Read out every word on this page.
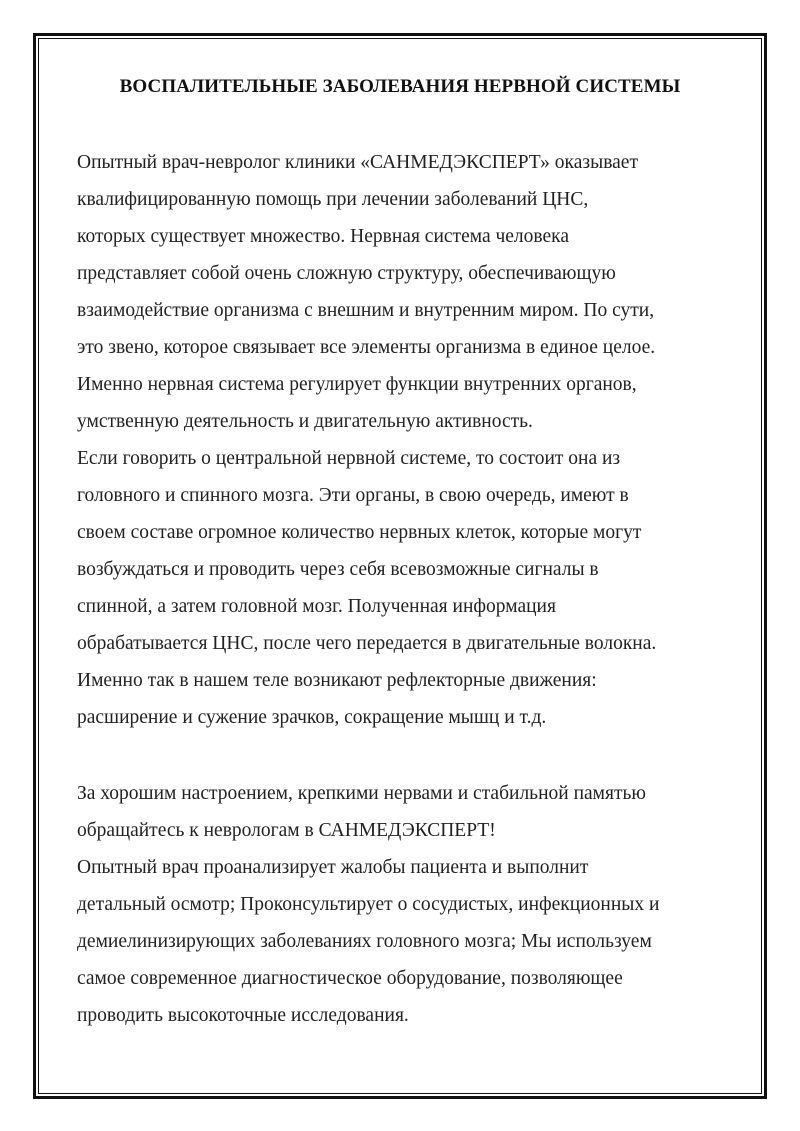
ВОСПАЛИТЕЛЬНЫЕ ЗАБОЛЕВАНИЯ НЕРВНОЙ СИСТЕМЫ
Опытный врач-невролог клиники «САНМЕДЭКСПЕРТ» оказывает
квалифицированную помощь при лечении заболеваний ЦНС,
которых существует множество. Нервная система человека
представляет собой очень сложную структуру, обеспечивающую
взаимодействие организма с внешним и внутренним миром. По сути,
это звено, которое связывает все элементы организма в единое целое.
Именно нервная система регулирует функции внутренних органов,
умственную деятельность и двигательную активность.
Если говорить о центральной нервной системе, то состоит она из
головного и спинного мозга. Эти органы, в свою очередь, имеют в
своем составе огромное количество нервных клеток, которые могут
возбуждаться и проводить через себя всевозможные сигналы в
спинной, а затем головной мозг. Полученная информация
обрабатывается ЦНС, после чего передается в двигательные волокна.
Именно так в нашем теле возникают рефлекторные движения:
расширение и сужение зрачков, сокращение мышц и т.д.
За хорошим настроением, крепкими нервами и стабильной памятью
обращайтесь к неврологам в САНМЕДЭКСПЕРТ!
Опытный врач проанализирует жалобы пациента и выполнит
детальный осмотр; Проконсультирует о сосудистых, инфекционных и
демиелинизирующих заболеваниях головного мозга; Мы используем
самое современное диагностическое оборудование, позволяющее
проводить высокоточные исследования.
